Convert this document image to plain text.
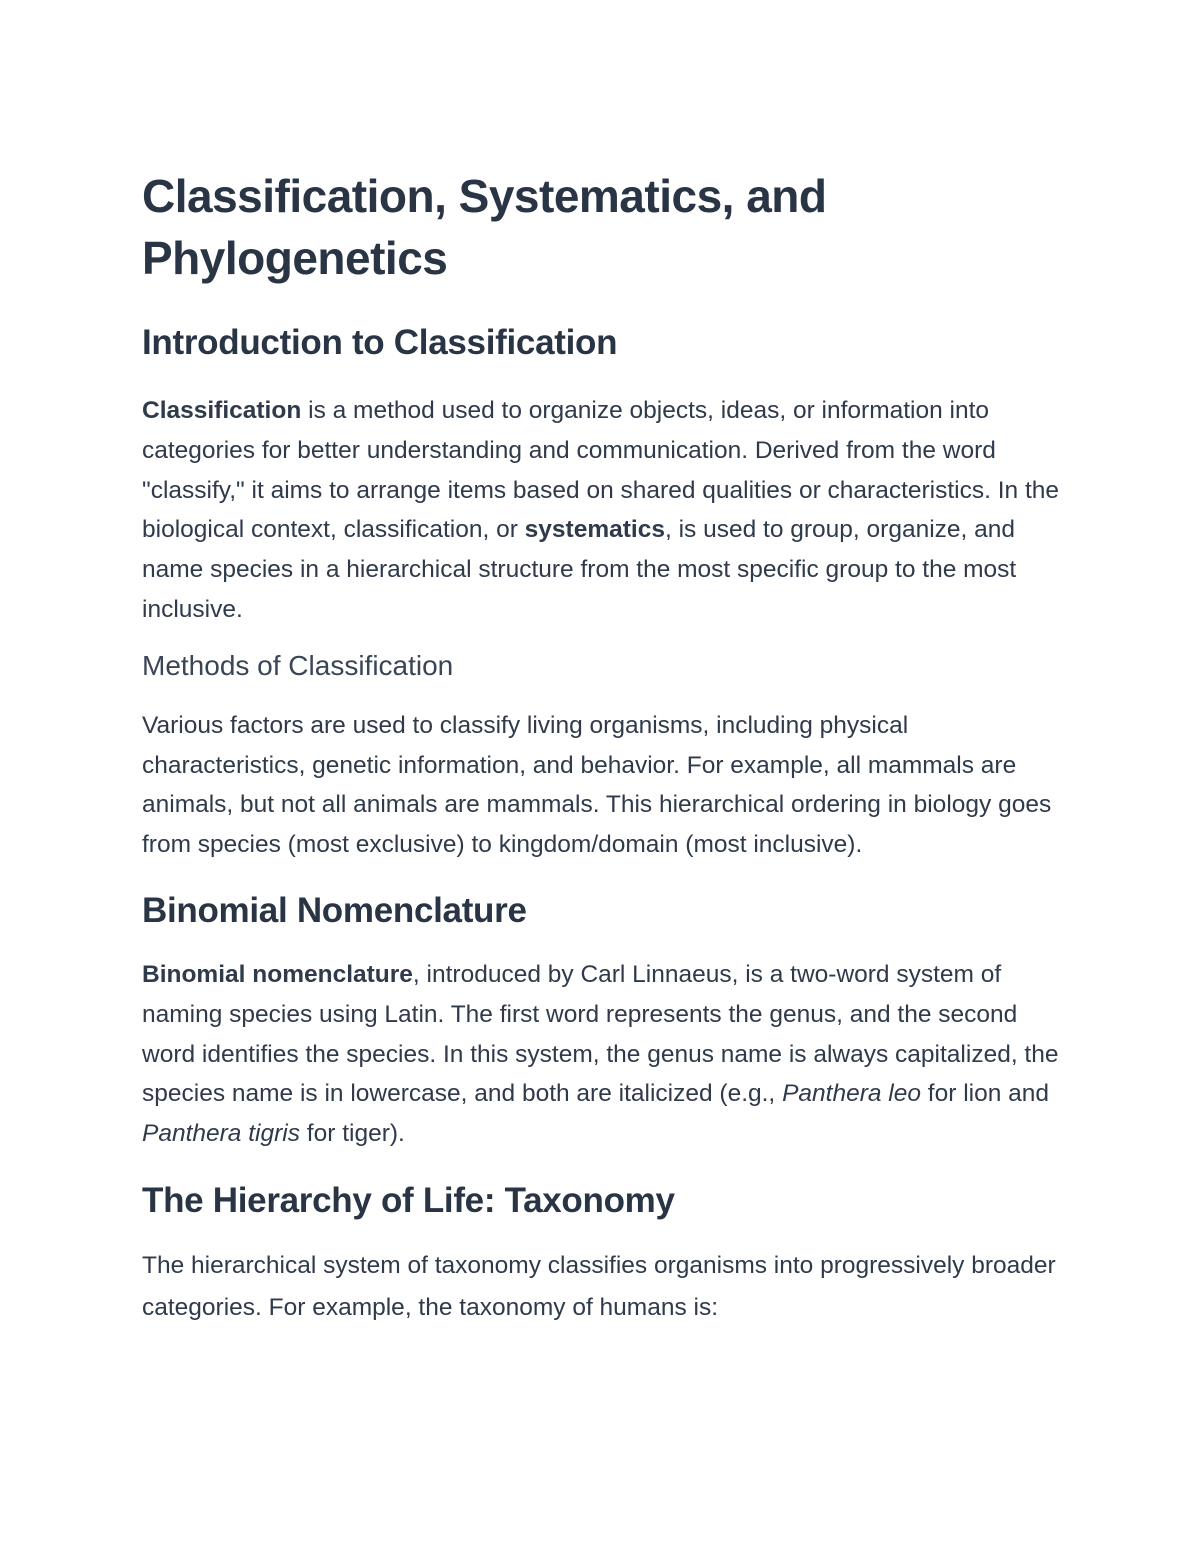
Classification, Systematics, and Phylogenetics
Introduction to Classification

Classification is a method used to organize objects, ideas, or information into categories for better understanding and communication. Derived from the word "classify," it aims to arrange items based on shared qualities or characteristics. In the biological context, classification, or systematics, is used to group, organize, and name species in a hierarchical structure from the most specific group to the most inclusive.

Methods of Classification

Various factors are used to classify living organisms, including physical characteristics, genetic information, and behavior. For example, all mammals are animals, but not all animals are mammals. This hierarchical ordering in biology goes from species (most exclusive) to kingdom/domain (most inclusive).

Binomial Nomenclature

Binomial nomenclature, introduced by Carl Linnaeus, is a two-word system of naming species using Latin. The first word represents the genus, and the second word identifies the species. In this system, the genus name is always capitalized, the species name is in lowercase, and both are italicized (e.g., Panthera leo for lion and Panthera tigris for tiger).

The Hierarchy of Life: Taxonomy

The hierarchical system of taxonomy classifies organisms into progressively broader categories. For example, the taxonomy of humans is:
